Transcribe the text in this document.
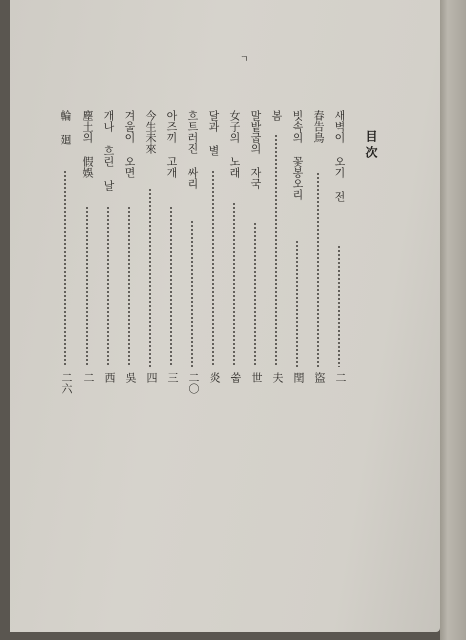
ㄱ
目次
새벽이 오기 전
二
春告鳥
盜
빗속의 꽃봉오리
閏
봄
夫
말밭굽의 자국
世
女子의 노래
쑵
달과 별
炎
흐트러진 싸리
二〇
아즈끼 고개
三
今生未來
四
겨울이 오면
吳
개나 흐린 날
西
塵土의 假娛
二
輪 廻
二六
